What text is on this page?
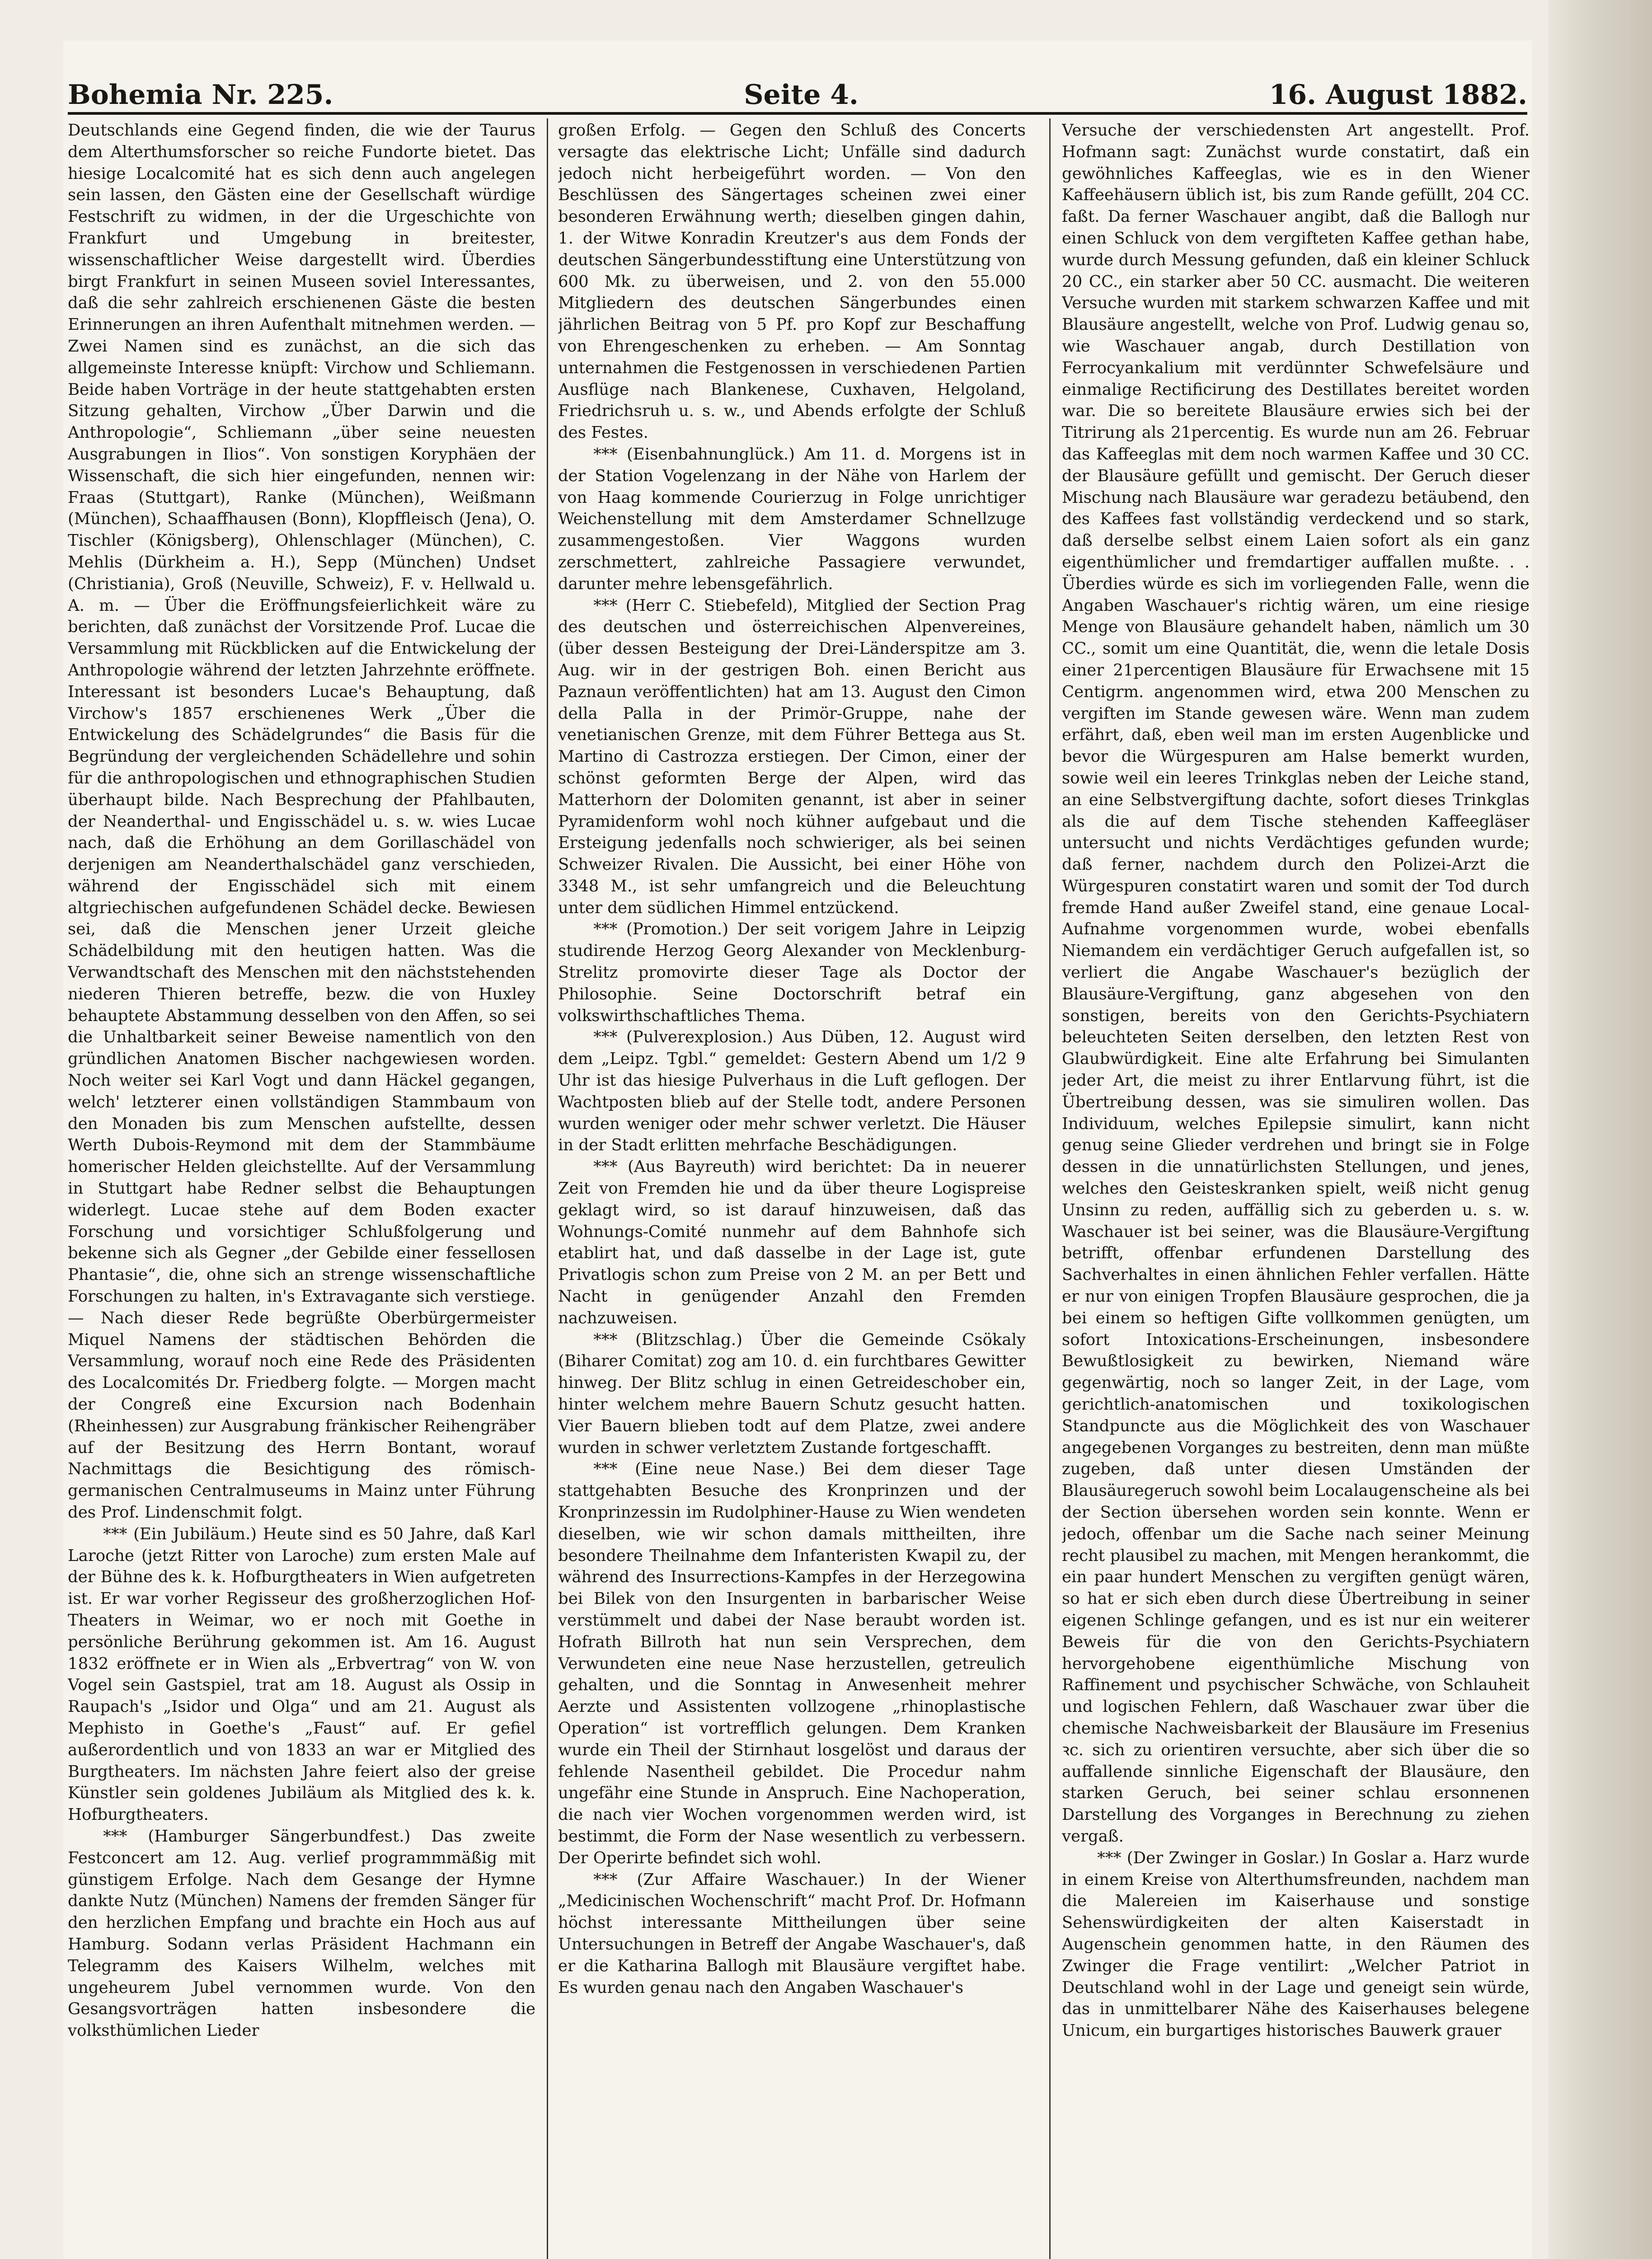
Bohemia Nr. 225.	Seite 4.	16. August 1882.

Deutschlands eine Gegend finden, die wie der Taurus dem Alterthumsforscher so reiche Fundorte bietet. Das hiesige Localcomité hat es sich denn auch angelegen sein lassen, den Gästen eine der Gesellschaft würdige Festschrift zu widmen, in der die Urgeschichte von Frankfurt und Umgebung in breitester, wissenschaftlicher Weise dargestellt wird. Überdies birgt Frankfurt in seinen Museen soviel Interessantes, daß die sehr zahlreich erschienenen Gäste die besten Erinnerungen an ihren Aufenthalt mitnehmen werden. — Zwei Namen sind es zunächst, an die sich das allgemeinste Interesse knüpft: Virchow und Schliemann. Beide haben Vorträge in der heute stattgehabten ersten Sitzung gehalten, Virchow „Über Darwin und die Anthropologie“, Schliemann „über seine neuesten Ausgrabungen in Ilios“. Von sonstigen Koryphäen der Wissenschaft, die sich hier eingefunden, nennen wir: Fraas (Stuttgart), Ranke (München), Weißmann (München), Schaaffhausen (Bonn), Klopffleisch (Jena), O. Tischler (Königsberg), Ohlenschlager (München), C. Mehlis (Dürkheim a. H.), Sepp (München) Undset (Christiania), Groß (Neuville, Schweiz), F. v. Hellwald u. A. m. — Über die Eröffnungsfeierlichkeit wäre zu berichten, daß zunächst der Vorsitzende Prof. Lucae die Versammlung mit Rückblicken auf die Entwickelung der Anthropologie während der letzten Jahrzehnte eröffnete. Interessant ist besonders Lucae's Behauptung, daß Virchow's 1857 erschienenes Werk „Über die Entwickelung des Schädelgrundes“ die Basis für die Begründung der vergleichenden Schädellehre und sohin für die anthropologischen und ethnographischen Studien überhaupt bilde. Nach Besprechung der Pfahlbauten, der Neanderthal- und Engisschädel u. s. w. wies Lucae nach, daß die Erhöhung an dem Gorillaschädel von derjenigen am Neanderthalschädel ganz verschieden, während der Engisschädel sich mit einem altgriechischen aufgefundenen Schädel decke. Bewiesen sei, daß die Menschen jener Urzeit gleiche Schädelbildung mit den heutigen hatten. Was die Verwandtschaft des Menschen mit den nächststehenden niederen Thieren betreffe, bezw. die von Huxley behauptete Abstammung desselben von den Affen, so sei die Unhaltbarkeit seiner Beweise namentlich von den gründlichen Anatomen Bischer nachgewiesen worden. Noch weiter sei Karl Vogt und dann Häckel gegangen, welch' letzterer einen vollständigen Stammbaum von den Monaden bis zum Menschen aufstellte, dessen Werth Dubois-Reymond mit dem der Stammbäume homerischer Helden gleichstellte. Auf der Versammlung in Stuttgart habe Redner selbst die Behauptungen widerlegt. Lucae stehe auf dem Boden exacter Forschung und vorsichtiger Schlußfolgerung und bekenne sich als Gegner „der Gebilde einer fessellosen Phantasie“, die, ohne sich an strenge wissenschaftliche Forschungen zu halten, in's Extravagante sich verstiege. — Nach dieser Rede begrüßte Oberbürgermeister Miquel Namens der städtischen Behörden die Versammlung, worauf noch eine Rede des Präsidenten des Localcomités Dr. Friedberg folgte. — Morgen macht der Congreß eine Excursion nach Bodenhain (Rheinhessen) zur Ausgrabung fränkischer Reihengräber auf der Besitzung des Herrn Bontant, worauf Nachmittags die Besichtigung des römisch-germanischen Centralmuseums in Mainz unter Führung des Prof. Lindenschmit folgt.

*** (Ein Jubiläum.) Heute sind es 50 Jahre, daß Karl Laroche (jetzt Ritter von Laroche) zum ersten Male auf der Bühne des k. k. Hofburgtheaters in Wien aufgetreten ist. Er war vorher Regisseur des großherzoglichen Hof-Theaters in Weimar, wo er noch mit Goethe in persönliche Berührung gekommen ist. Am 16. August 1832 eröffnete er in Wien als „Erbvertrag“ von W. von Vogel sein Gastspiel, trat am 18. August als Ossip in Raupach's „Isidor und Olga“ und am 21. August als Mephisto in Goethe's „Faust“ auf. Er gefiel außerordentlich und von 1833 an war er Mitglied des Burgtheaters. Im nächsten Jahre feiert also der greise Künstler sein goldenes Jubiläum als Mitglied des k. k. Hofburgtheaters.

*** (Hamburger Sängerbundfest.) Das zweite Festconcert am 12. Aug. verlief programmmäßig mit günstigem Erfolge. Nach dem Gesange der Hymne dankte Nutz (München) Namens der fremden Sänger für den herzlichen Empfang und brachte ein Hoch aus auf Hamburg. Sodann verlas Präsident Hachmann ein Telegramm des Kaisers Wilhelm, welches mit ungeheurem Jubel vernommen wurde. Von den Gesangsvorträgen hatten insbesondere die volksthümlichen Lieder

großen Erfolg. — Gegen den Schluß des Concerts versagte das elektrische Licht; Unfälle sind dadurch jedoch nicht herbeigeführt worden. — Von den Beschlüssen des Sängertages scheinen zwei einer besonderen Erwähnung werth; dieselben gingen dahin, 1. der Witwe Konradin Kreutzer's aus dem Fonds der deutschen Sängerbundesstiftung eine Unterstützung von 600 Mk. zu überweisen, und 2. von den 55.000 Mitgliedern des deutschen Sängerbundes einen jährlichen Beitrag von 5 Pf. pro Kopf zur Beschaffung von Ehrengeschenken zu erheben. — Am Sonntag unternahmen die Festgenossen in verschiedenen Partien Ausflüge nach Blankenese, Cuxhaven, Helgoland, Friedrichsruh u. s. w., und Abends erfolgte der Schluß des Festes.

*** (Eisenbahnunglück.) Am 11. d. Morgens ist in der Station Vogelenzang in der Nähe von Harlem der von Haag kommende Courierzug in Folge unrichtiger Weichenstellung mit dem Amsterdamer Schnellzuge zusammengestoßen. Vier Waggons wurden zerschmettert, zahlreiche Passagiere verwundet, darunter mehre lebensgefährlich.

*** (Herr C. Stiebefeld), Mitglied der Section Prag des deutschen und österreichischen Alpenvereines, (über dessen Besteigung der Drei-Länderspitze am 3. Aug. wir in der gestrigen Boh. einen Bericht aus Paznaun veröffentlichten) hat am 13. August den Cimon della Palla in der Primör-Gruppe, nahe der venetianischen Grenze, mit dem Führer Bettega aus St. Martino di Castrozza erstiegen. Der Cimon, einer der schönst geformten Berge der Alpen, wird das Matterhorn der Dolomiten genannt, ist aber in seiner Pyramidenform wohl noch kühner aufgebaut und die Ersteigung jedenfalls noch schwieriger, als bei seinen Schweizer Rivalen. Die Aussicht, bei einer Höhe von 3348 M., ist sehr umfangreich und die Beleuchtung unter dem südlichen Himmel entzückend.

*** (Promotion.) Der seit vorigem Jahre in Leipzig studirende Herzog Georg Alexander von Mecklenburg-Strelitz promovirte dieser Tage als Doctor der Philosophie. Seine Doctorschrift betraf ein volkswirthschaftliches Thema.

*** (Pulverexplosion.) Aus Düben, 12. August wird dem „Leipz. Tgbl.“ gemeldet: Gestern Abend um 1/2 9 Uhr ist das hiesige Pulverhaus in die Luft geflogen. Der Wachtposten blieb auf der Stelle todt, andere Personen wurden weniger oder mehr schwer verletzt. Die Häuser in der Stadt erlitten mehrfache Beschädigungen.

*** (Aus Bayreuth) wird berichtet: Da in neuerer Zeit von Fremden hie und da über theure Logispreise geklagt wird, so ist darauf hinzuweisen, daß das Wohnungs-Comité nunmehr auf dem Bahnhofe sich etablirt hat, und daß dasselbe in der Lage ist, gute Privatlogis schon zum Preise von 2 M. an per Bett und Nacht in genügender Anzahl den Fremden nachzuweisen.

*** (Blitzschlag.) Über die Gemeinde Csökaly (Biharer Comitat) zog am 10. d. ein furchtbares Gewitter hinweg. Der Blitz schlug in einen Getreideschober ein, hinter welchem mehre Bauern Schutz gesucht hatten. Vier Bauern blieben todt auf dem Platze, zwei andere wurden in schwer verletztem Zustande fortgeschafft.

*** (Eine neue Nase.) Bei dem dieser Tage stattgehabten Besuche des Kronprinzen und der Kronprinzessin im Rudolphiner-Hause zu Wien wendeten dieselben, wie wir schon damals mittheilten, ihre besondere Theilnahme dem Infanteristen Kwapil zu, der während des Insurrections-Kampfes in der Herzegowina bei Bilek von den Insurgenten in barbarischer Weise verstümmelt und dabei der Nase beraubt worden ist. Hofrath Billroth hat nun sein Versprechen, dem Verwundeten eine neue Nase herzustellen, getreulich gehalten, und die Sonntag in Anwesenheit mehrer Aerzte und Assistenten vollzogene „rhinoplastische Operation“ ist vortrefflich gelungen. Dem Kranken wurde ein Theil der Stirnhaut losgelöst und daraus der fehlende Nasentheil gebildet. Die Procedur nahm ungefähr eine Stunde in Anspruch. Eine Nachoperation, die nach vier Wochen vorgenommen werden wird, ist bestimmt, die Form der Nase wesentlich zu verbessern. Der Operirte befindet sich wohl.

*** (Zur Affaire Waschauer.) In der Wiener „Medicinischen Wochenschrift“ macht Prof. Dr. Hofmann höchst interessante Mittheilungen über seine Untersuchungen in Betreff der Angabe Waschauer's, daß er die Katharina Ballogh mit Blausäure vergiftet habe. Es wurden genau nach den Angaben Waschauer's

Versuche der verschiedensten Art angestellt. Prof. Hofmann sagt: Zunächst wurde constatirt, daß ein gewöhnliches Kaffeeglas, wie es in den Wiener Kaffeehäusern üblich ist, bis zum Rande gefüllt, 204 CC. faßt. Da ferner Waschauer angibt, daß die Ballogh nur einen Schluck von dem vergifteten Kaffee gethan habe, wurde durch Messung gefunden, daß ein kleiner Schluck 20 CC., ein starker aber 50 CC. ausmacht. Die weiteren Versuche wurden mit starkem schwarzen Kaffee und mit Blausäure angestellt, welche von Prof. Ludwig genau so, wie Waschauer angab, durch Destillation von Ferrocyankalium mit verdünnter Schwefelsäure und einmalige Rectificirung des Destillates bereitet worden war. Die so bereitete Blausäure erwies sich bei der Titrirung als 21percentig. Es wurde nun am 26. Februar das Kaffeeglas mit dem noch warmen Kaffee und 30 CC. der Blausäure gefüllt und gemischt. Der Geruch dieser Mischung nach Blausäure war geradezu betäubend, den des Kaffees fast vollständig verdeckend und so stark, daß derselbe selbst einem Laien sofort als ein ganz eigenthümlicher und fremdartiger auffallen mußte. . . Überdies würde es sich im vorliegenden Falle, wenn die Angaben Waschauer's richtig wären, um eine riesige Menge von Blausäure gehandelt haben, nämlich um 30 CC., somit um eine Quantität, die, wenn die letale Dosis einer 21percentigen Blausäure für Erwachsene mit 15 Centigrm. angenommen wird, etwa 200 Menschen zu vergiften im Stande gewesen wäre. Wenn man zudem erfährt, daß, eben weil man im ersten Augenblicke und bevor die Würgespuren am Halse bemerkt wurden, sowie weil ein leeres Trinkglas neben der Leiche stand, an eine Selbstvergiftung dachte, sofort dieses Trinkglas als die auf dem Tische stehenden Kaffeegläser untersucht und nichts Verdächtiges gefunden wurde; daß ferner, nachdem durch den Polizei-Arzt die Würgespuren constatirt waren und somit der Tod durch fremde Hand außer Zweifel stand, eine genaue Local-Aufnahme vorgenommen wurde, wobei ebenfalls Niemandem ein verdächtiger Geruch aufgefallen ist, so verliert die Angabe Waschauer's bezüglich der Blausäure-Vergiftung, ganz abgesehen von den sonstigen, bereits von den Gerichts-Psychiatern beleuchteten Seiten derselben, den letzten Rest von Glaubwürdigkeit. Eine alte Erfahrung bei Simulanten jeder Art, die meist zu ihrer Entlarvung führt, ist die Übertreibung dessen, was sie simuliren wollen. Das Individuum, welches Epilepsie simulirt, kann nicht genug seine Glieder verdrehen und bringt sie in Folge dessen in die unnatürlichsten Stellungen, und jenes, welches den Geisteskranken spielt, weiß nicht genug Unsinn zu reden, auffällig sich zu geberden u. s. w. Waschauer ist bei seiner, was die Blausäure-Vergiftung betrifft, offenbar erfundenen Darstellung des Sachverhaltes in einen ähnlichen Fehler verfallen. Hätte er nur von einigen Tropfen Blausäure gesprochen, die ja bei einem so heftigen Gifte vollkommen genügten, um sofort Intoxications-Erscheinungen, insbesondere Bewußtlosigkeit zu bewirken, Niemand wäre gegenwärtig, noch so langer Zeit, in der Lage, vom gerichtlich-anatomischen und toxikologischen Standpuncte aus die Möglichkeit des von Waschauer angegebenen Vorganges zu bestreiten, denn man müßte zugeben, daß unter diesen Umständen der Blausäuregeruch sowohl beim Localaugenscheine als bei der Section übersehen worden sein konnte. Wenn er jedoch, offenbar um die Sache nach seiner Meinung recht plausibel zu machen, mit Mengen herankommt, die ein paar hundert Menschen zu vergiften genügt wären, so hat er sich eben durch diese Übertreibung in seiner eigenen Schlinge gefangen, und es ist nur ein weiterer Beweis für die von den Gerichts-Psychiatern hervorgehobene eigenthümliche Mischung von Raffinement und psychischer Schwäche, von Schlauheit und logischen Fehlern, daß Waschauer zwar über die chemische Nachweisbarkeit der Blausäure im Fresenius ꝛc. sich zu orientiren versuchte, aber sich über die so auffallende sinnliche Eigenschaft der Blausäure, den starken Geruch, bei seiner schlau ersonnenen Darstellung des Vorganges in Berechnung zu ziehen vergaß.

*** (Der Zwinger in Goslar.) In Goslar a. Harz wurde in einem Kreise von Alterthumsfreunden, nachdem man die Malereien im Kaiserhause und sonstige Sehenswürdigkeiten der alten Kaiserstadt in Augenschein genommen hatte, in den Räumen des Zwinger die Frage ventilirt: „Welcher Patriot in Deutschland wohl in der Lage und geneigt sein würde, das in unmittelbarer Nähe des Kaiserhauses belegene Unicum, ein burgartiges historisches Bauwerk grauer
